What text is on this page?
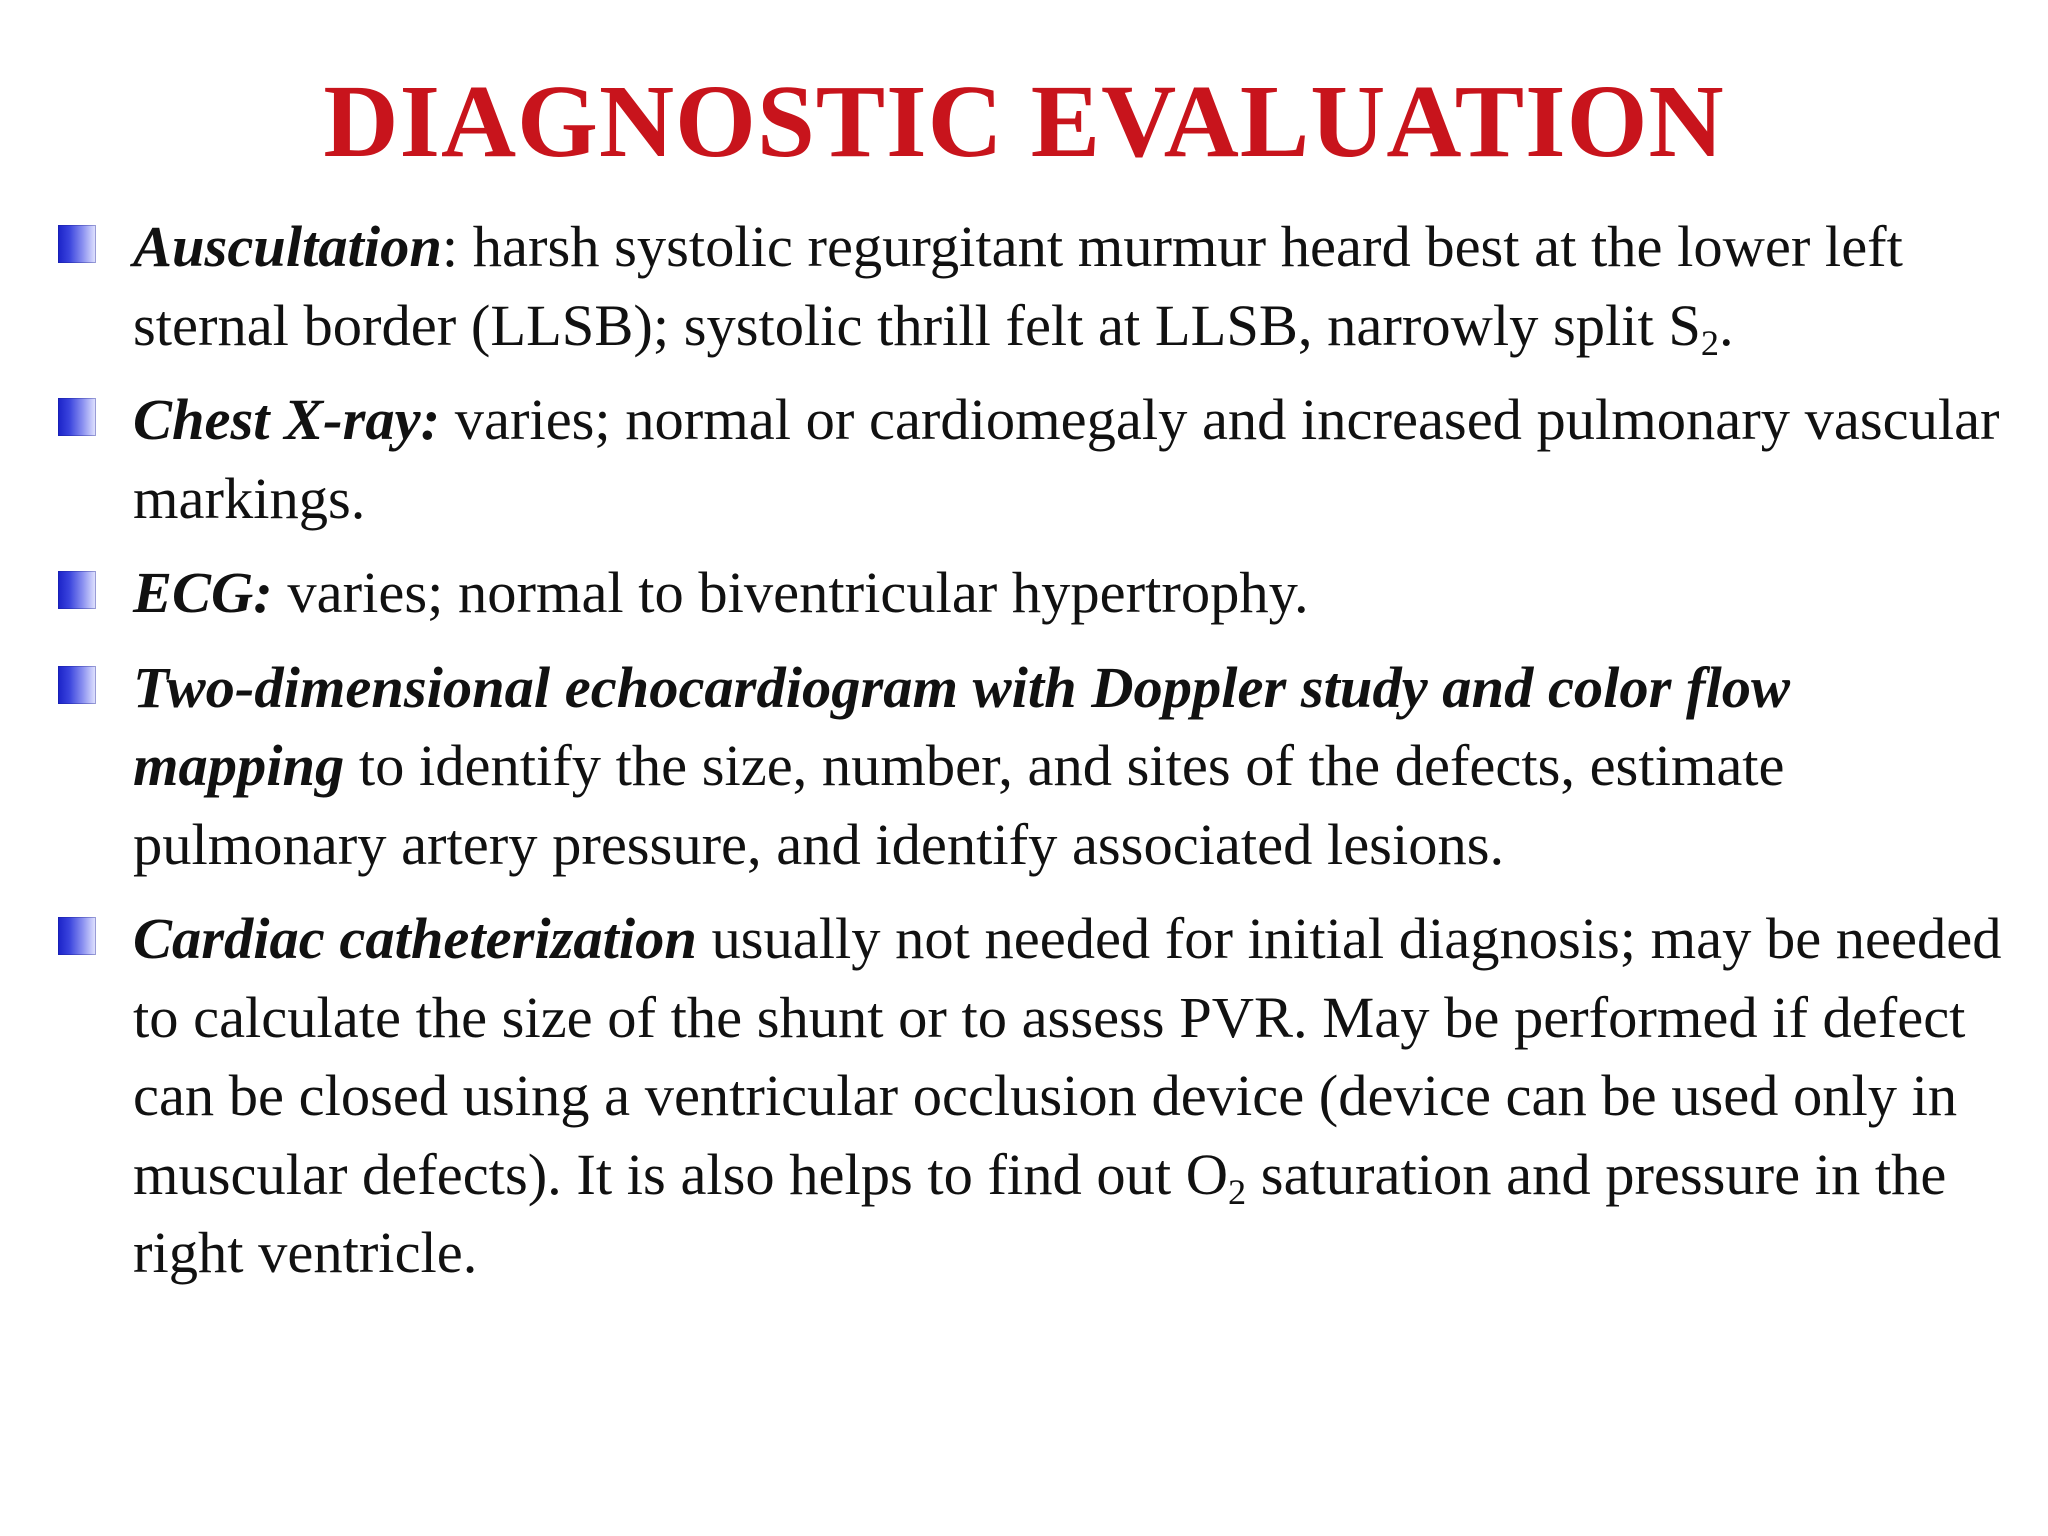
DIAGNOSTIC EVALUATION
Auscultation: harsh systolic regurgitant murmur heard best at the lower left sternal border (LLSB); systolic thrill felt at LLSB, narrowly split $S_2$.
Chest X-ray: varies; normal or cardiomegaly and increased pulmonary vascular markings.
ECG: varies; normal to biventricular hypertrophy.
Two-dimensional echocardiogram with Doppler study and color flow mapping to identify the size, number, and sites of the defects, estimate pulmonary artery pressure, and identify associated lesions.
Cardiac catheterization usually not needed for initial diagnosis; may be needed to calculate the size of the shunt or to assess PVR. May be performed if defect can be closed using a ventricular occlusion device (device can be used only in muscular defects). It is also helps to find out $O_2$ saturation and pressure in the right ventricle.
